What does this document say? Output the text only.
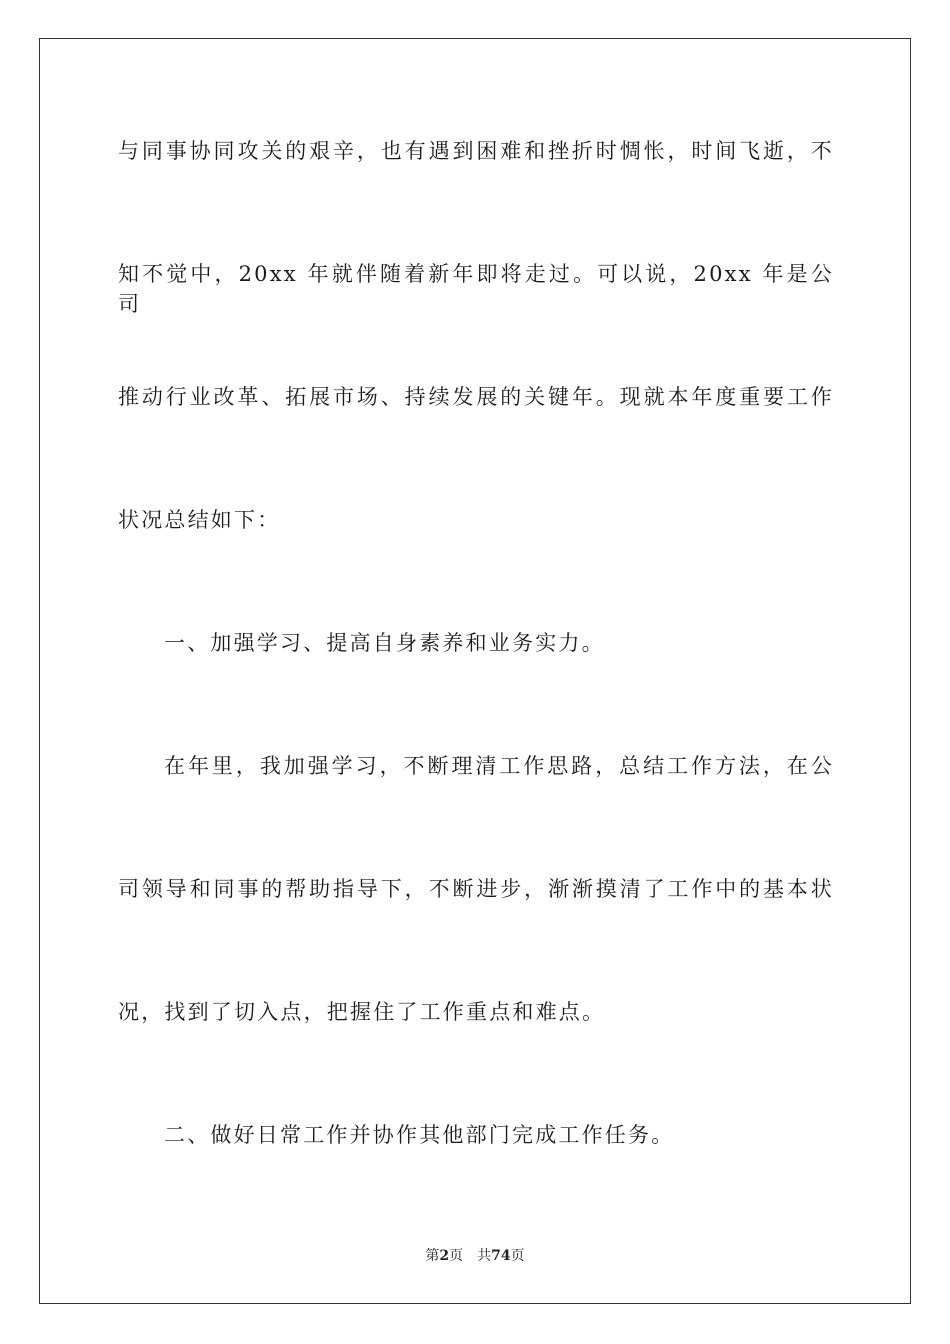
与同事协同攻关的艰辛，也有遇到困难和挫折时惆怅，时间飞逝，不
知不觉中，20xx 年就伴随着新年即将走过。可以说，20xx 年是公司
推动行业改革、拓展市场、持续发展的关键年。现就本年度重要工作
状况总结如下：
一、加强学习、提高自身素养和业务实力。
在年里，我加强学习，不断理清工作思路，总结工作方法，在公
司领导和同事的帮助指导下，不断进步，渐渐摸清了工作中的基本状
况，找到了切入点，把握住了工作重点和难点。
二、做好日常工作并协作其他部门完成工作任务。
第2页 共74页
